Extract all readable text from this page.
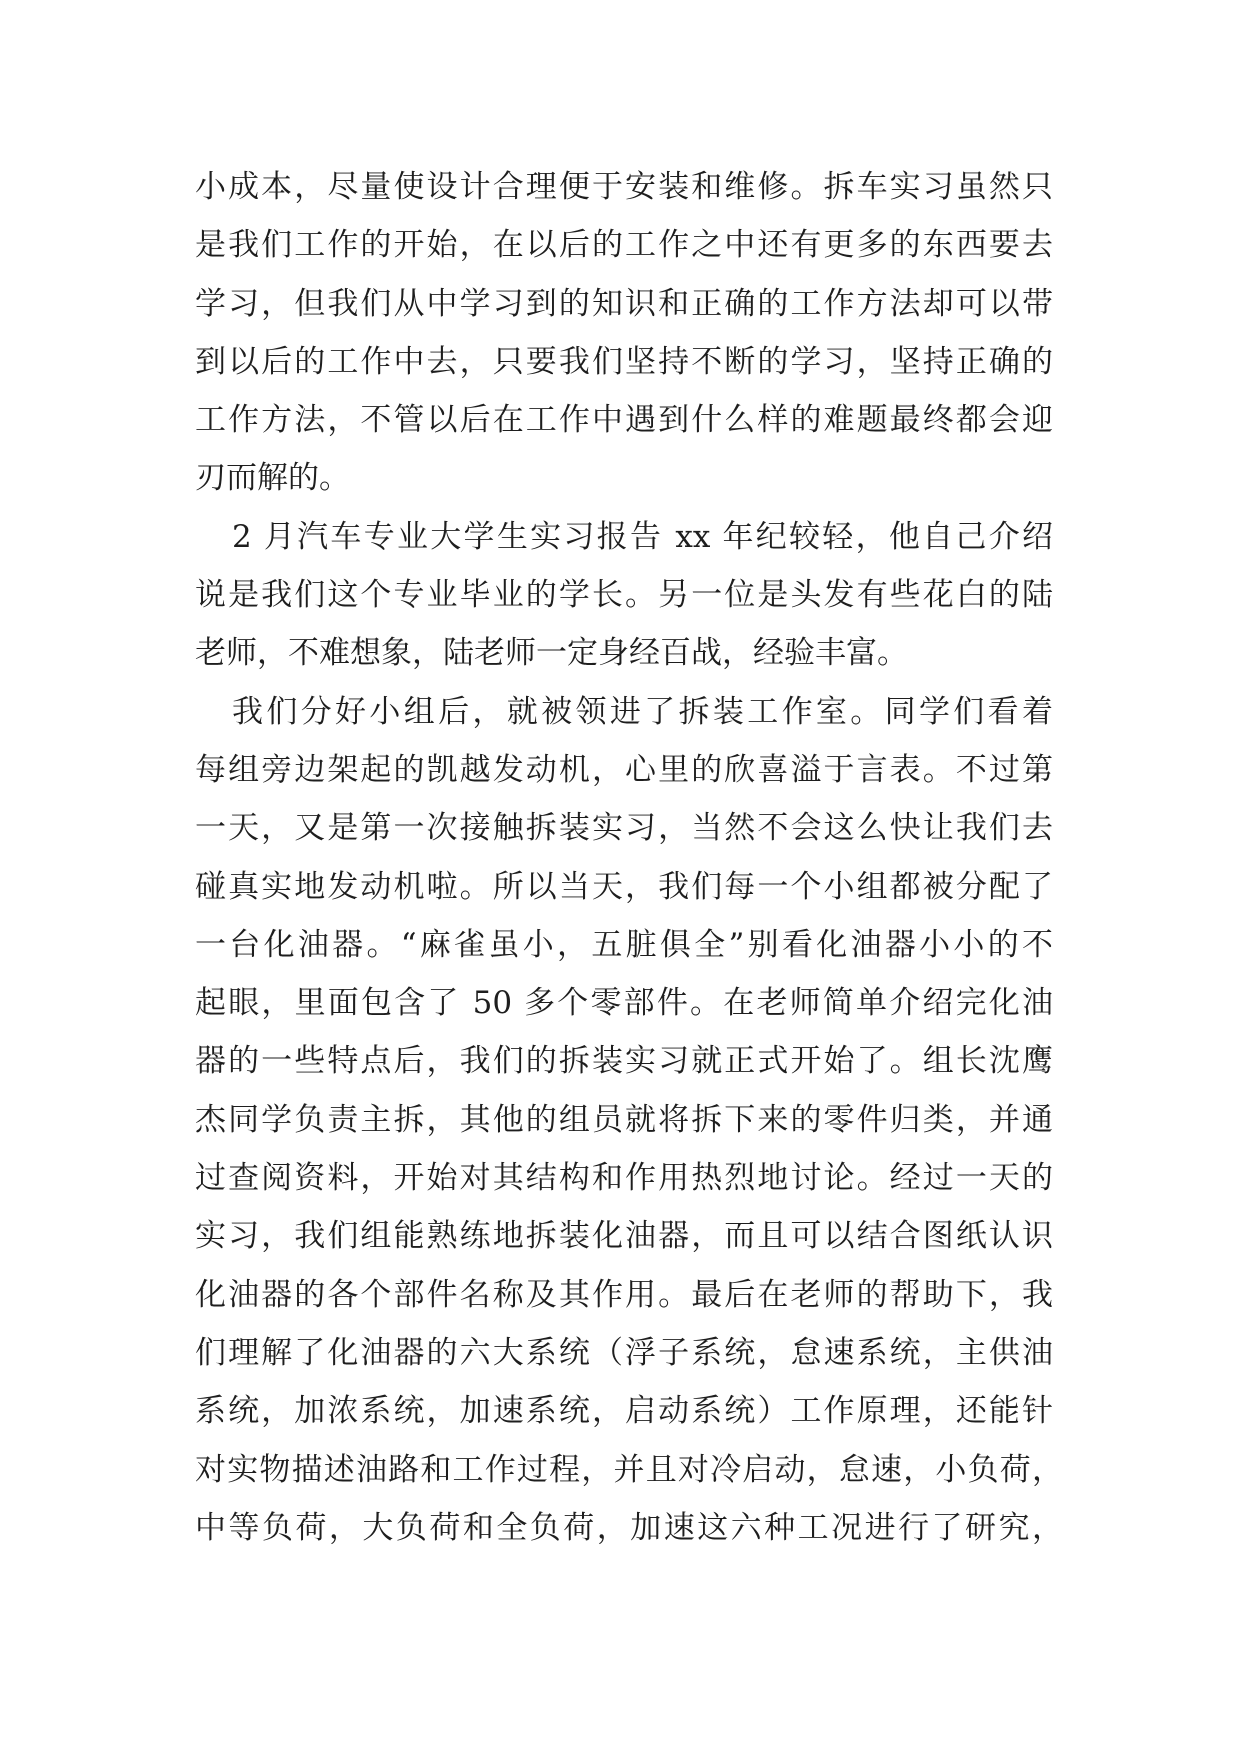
小成本，尽量使设计合理便于安装和维修。拆车实习虽然只
是我们工作的开始，在以后的工作之中还有更多的东西要去
学习，但我们从中学习到的知识和正确的工作方法却可以带
到以后的工作中去，只要我们坚持不断的学习，坚持正确的
工作方法，不管以后在工作中遇到什么样的难题最终都会迎
刃而解的。
2 月汽车专业大学生实习报告 xx 年纪较轻，他自己介绍
说是我们这个专业毕业的学长。另一位是头发有些花白的陆
老师，不难想象，陆老师一定身经百战，经验丰富。
我们分好小组后，就被领进了拆装工作室。同学们看着
每组旁边架起的凯越发动机，心里的欣喜溢于言表。不过第
一天，又是第一次接触拆装实习，当然不会这么快让我们去
碰真实地发动机啦。所以当天，我们每一个小组都被分配了
一台化油器。“麻雀虽小，五脏俱全”别看化油器小小的不
起眼，里面包含了 50 多个零部件。在老师简单介绍完化油
器的一些特点后，我们的拆装实习就正式开始了。组长沈鹰
杰同学负责主拆，其他的组员就将拆下来的零件归类，并通
过查阅资料，开始对其结构和作用热烈地讨论。经过一天的
实习，我们组能熟练地拆装化油器，而且可以结合图纸认识
化油器的各个部件名称及其作用。最后在老师的帮助下，我
们理解了化油器的六大系统（浮子系统，怠速系统，主供油
系统，加浓系统，加速系统，启动系统）工作原理，还能针
对实物描述油路和工作过程，并且对冷启动，怠速，小负荷，
中等负荷，大负荷和全负荷，加速这六种工况进行了研究，
